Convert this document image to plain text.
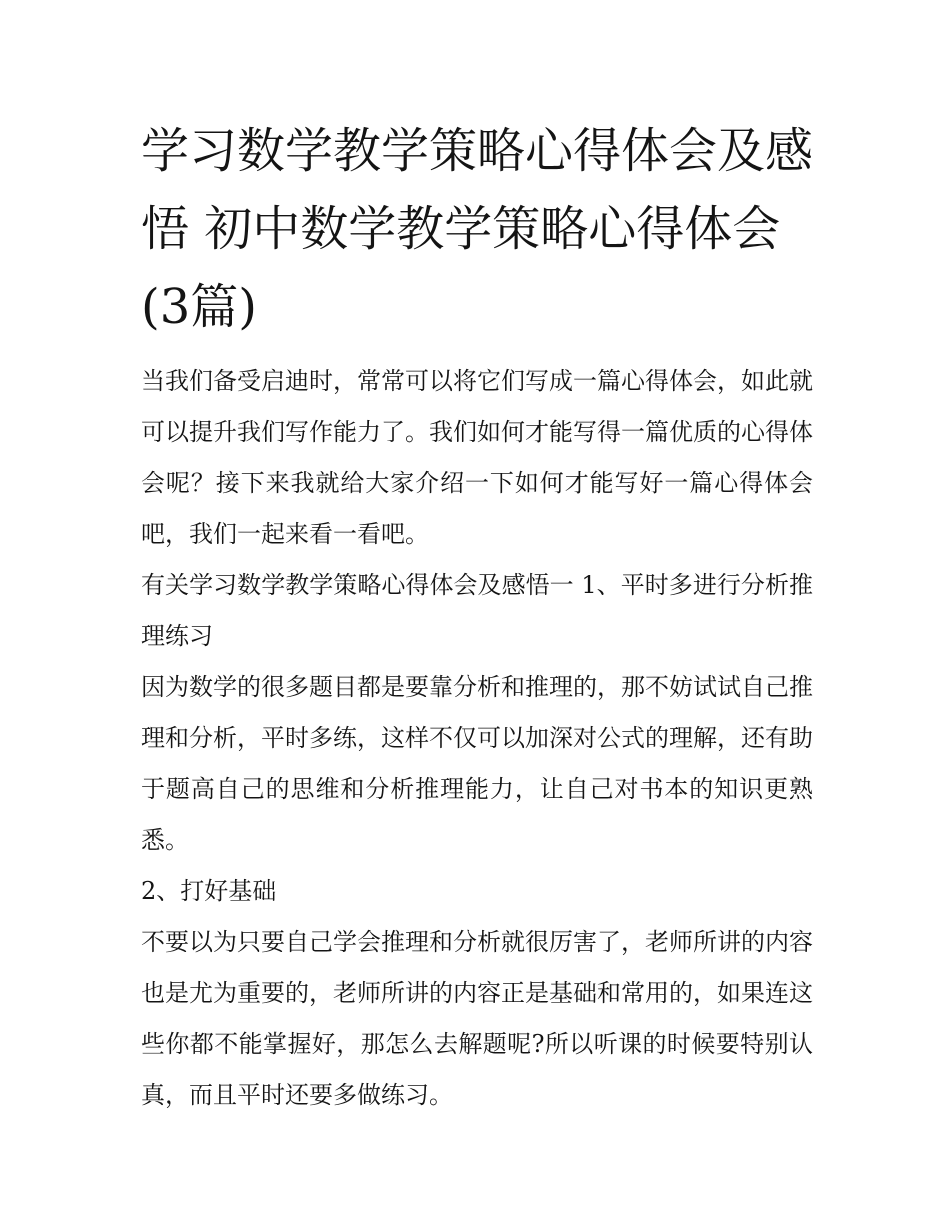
学习数学教学策略心得体会及感悟 初中数学教学策略心得体会(3篇)

当我们备受启迪时，常常可以将它们写成一篇心得体会，如此就可以提升我们写作能力了。我们如何才能写得一篇优质的心得体会呢？接下来我就给大家介绍一下如何才能写好一篇心得体会吧，我们一起来看一看吧。

有关学习数学教学策略心得体会及感悟一 1、平时多进行分析推理练习

因为数学的很多题目都是要靠分析和推理的，那不妨试试自己推理和分析，平时多练，这样不仅可以加深对公式的理解，还有助于题高自己的思维和分析推理能力，让自己对书本的知识更熟悉。

2、打好基础

不要以为只要自己学会推理和分析就很厉害了，老师所讲的内容也是尤为重要的，老师所讲的内容正是基础和常用的，如果连这些你都不能掌握好，那怎么去解题呢?所以听课的时候要特别认真，而且平时还要多做练习。
